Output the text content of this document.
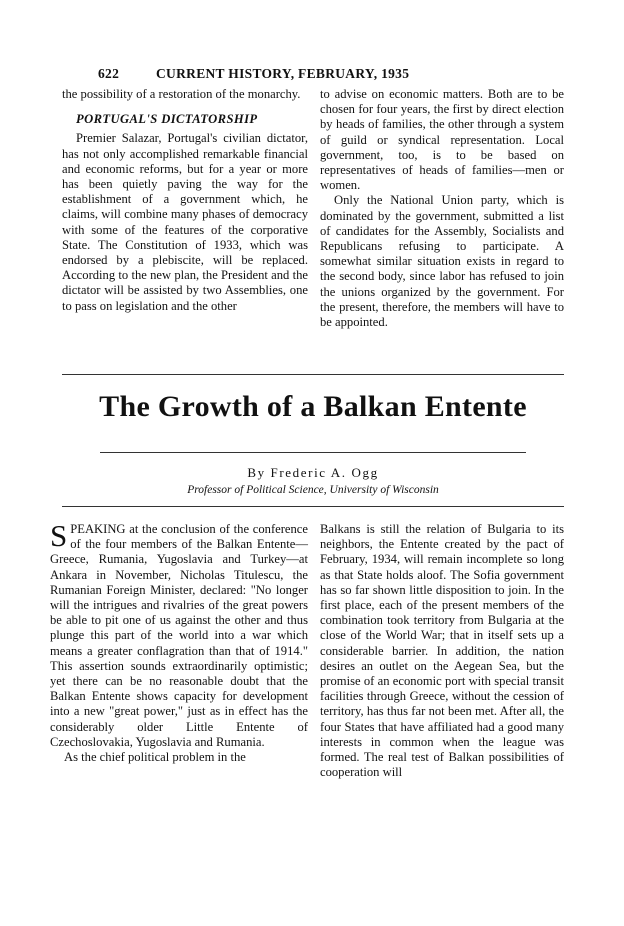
622	CURRENT HISTORY, FEBRUARY, 1935

the possibility of a restoration of the monarchy.

PORTUGAL'S DICTATORSHIP

Premier Salazar, Portugal's civilian dictator, has not only accomplished remarkable financial and economic reforms, but for a year or more has been quietly paving the way for the establishment of a government which, he claims, will combine many phases of democracy with some of the features of the corporative State. The Constitution of 1933, which was endorsed by a plebiscite, will be replaced. According to the new plan, the President and the dictator will be assisted by two Assemblies, one to pass on legislation and the other

to advise on economic matters. Both are to be chosen for four years, the first by direct election by heads of families, the other through a system of guild or syndical representation. Local government, too, is to be based on representatives of heads of families—men or women.

Only the National Union party, which is dominated by the government, submitted a list of candidates for the Assembly, Socialists and Republicans refusing to participate. A somewhat similar situation exists in regard to the second body, since labor has refused to join the unions organized by the government. For the present, therefore, the members will have to be appointed.

The Growth of a Balkan Entente
By Frederic A. Ogg
Professor of Political Science, University of Wisconsin

SPEAKING at the conclusion of the conference of the four members of the Balkan Entente—Greece, Rumania, Yugoslavia and Turkey—at Ankara in November, Nicholas Titulescu, the Rumanian Foreign Minister, declared: "No longer will the intrigues and rivalries of the great powers be able to pit one of us against the other and thus plunge this part of the world into a war which means a greater conflagration than that of 1914." This assertion sounds extraordinarily optimistic; yet there can be no reasonable doubt that the Balkan Entente shows capacity for development into a new "great power," just as in effect has the considerably older Little Entente of Czechoslovakia, Yugoslavia and Rumania.

As the chief political problem in the

Balkans is still the relation of Bulgaria to its neighbors, the Entente created by the pact of February, 1934, will remain incomplete so long as that State holds aloof. The Sofia government has so far shown little disposition to join. In the first place, each of the present members of the combination took territory from Bulgaria at the close of the World War; that in itself sets up a considerable barrier. In addition, the nation desires an outlet on the Aegean Sea, but the promise of an economic port with special transit facilities through Greece, without the cession of territory, has thus far not been met. After all, the four States that have affiliated had a good many interests in common when the league was formed. The real test of Balkan possibilities of cooperation will
